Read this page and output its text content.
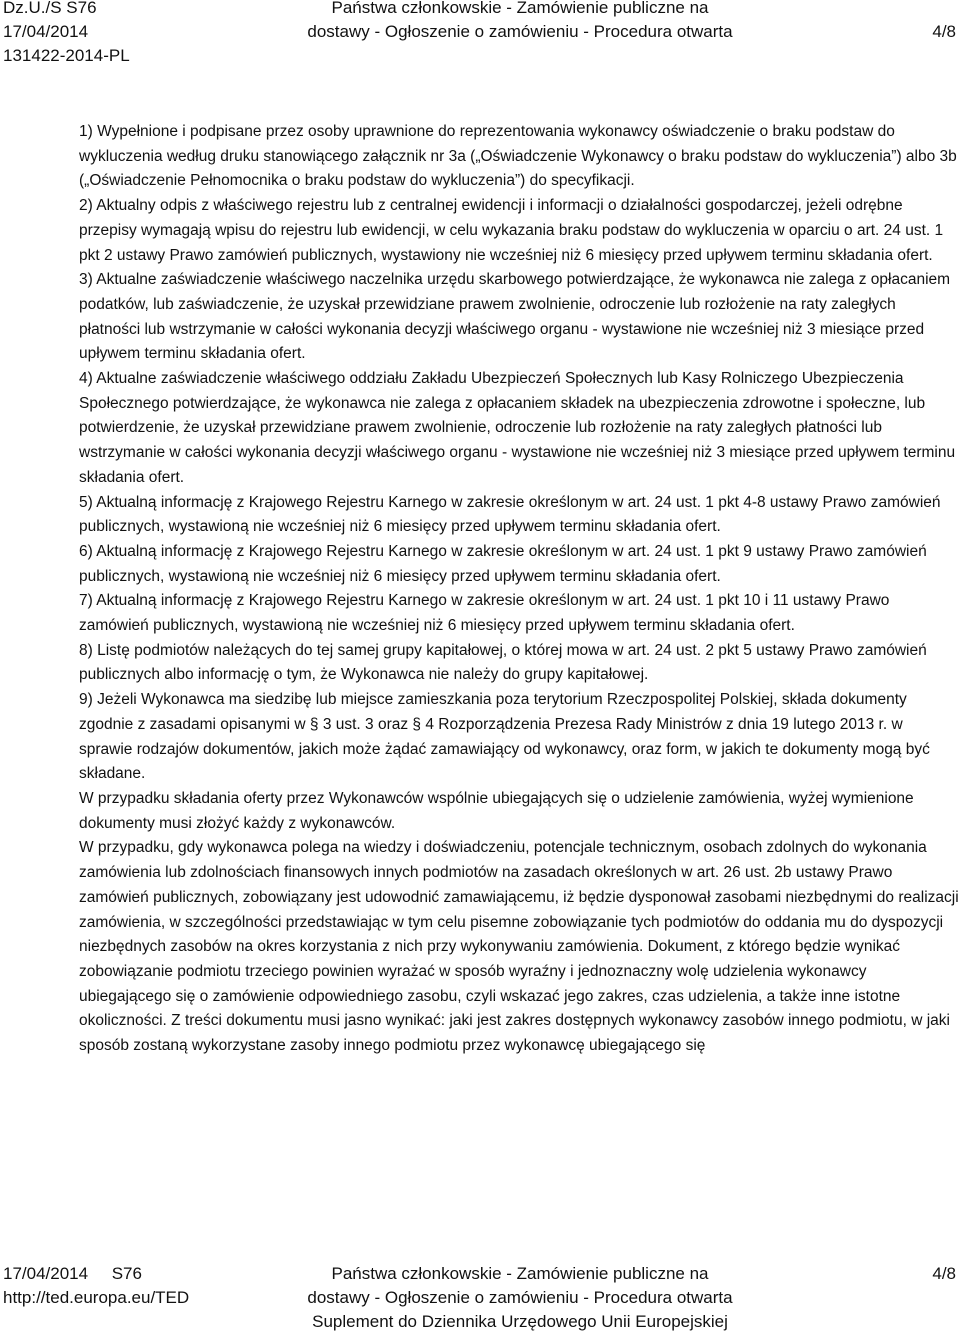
Dz.U./S S76
17/04/2014
131422-2014-PL
Państwa członkowskie - Zamówienie publiczne na
dostawy - Ogłoszenie o zamówieniu - Procedura otwarta	4/8

1) Wypełnione i podpisane przez osoby uprawnione do reprezentowania wykonawcy oświadczenie o braku podstaw do wykluczenia według druku stanowiącego załącznik nr 3a („Oświadczenie Wykonawcy o braku podstaw do wykluczenia”) albo 3b („Oświadczenie Pełnomocnika o braku podstaw do wykluczenia”) do specyfikacji.

2) Aktualny odpis z właściwego rejestru lub z centralnej ewidencji i informacji o działalności gospodarczej, jeżeli odrębne przepisy wymagają wpisu do rejestru lub ewidencji, w celu wykazania braku podstaw do wykluczenia w oparciu o art. 24 ust. 1 pkt 2 ustawy Prawo zamówień publicznych, wystawiony nie wcześniej niż 6 miesięcy przed upływem terminu składania ofert.

3) Aktualne zaświadczenie właściwego naczelnika urzędu skarbowego potwierdzające, że wykonawca nie zalega z opłacaniem podatków, lub zaświadczenie, że uzyskał przewidziane prawem zwolnienie, odroczenie lub rozłożenie na raty zaległych płatności lub wstrzymanie w całości wykonania decyzji właściwego organu - wystawione nie wcześniej niż 3 miesiące przed upływem terminu składania ofert.

4) Aktualne zaświadczenie właściwego oddziału Zakładu Ubezpieczeń Społecznych lub Kasy Rolniczego Ubezpieczenia Społecznego potwierdzające, że wykonawca nie zalega z opłacaniem składek na ubezpieczenia zdrowotne i społeczne, lub potwierdzenie, że uzyskał przewidziane prawem zwolnienie, odroczenie lub rozłożenie na raty zaległych płatności lub wstrzymanie w całości wykonania decyzji właściwego organu - wystawione nie wcześniej niż 3 miesiące przed upływem terminu składania ofert.

5) Aktualną informację z Krajowego Rejestru Karnego w zakresie określonym w art. 24 ust. 1 pkt 4-8 ustawy Prawo zamówień publicznych, wystawioną nie wcześniej niż 6 miesięcy przed upływem terminu składania ofert.

6) Aktualną informację z Krajowego Rejestru Karnego w zakresie określonym w art. 24 ust. 1 pkt 9 ustawy Prawo zamówień publicznych, wystawioną nie wcześniej niż 6 miesięcy przed upływem terminu składania ofert.

7) Aktualną informację z Krajowego Rejestru Karnego w zakresie określonym w art. 24 ust. 1 pkt 10 i 11 ustawy Prawo zamówień publicznych, wystawioną nie wcześniej niż 6 miesięcy przed upływem terminu składania ofert.

8) Listę podmiotów należących do tej samej grupy kapitałowej, o której mowa w art. 24 ust. 2 pkt 5 ustawy Prawo zamówień publicznych albo informację o tym, że Wykonawca nie należy do grupy kapitałowej.

9) Jeżeli Wykonawca ma siedzibę lub miejsce zamieszkania poza terytorium Rzeczpospolitej Polskiej, składa dokumenty zgodnie z zasadami opisanymi w § 3 ust. 3 oraz § 4 Rozporządzenia Prezesa Rady Ministrów z dnia 19 lutego 2013 r. w sprawie rodzajów dokumentów, jakich może żądać zamawiający od wykonawcy, oraz form, w jakich te dokumenty mogą być składane.

W przypadku składania oferty przez Wykonawców wspólnie ubiegających się o udzielenie zamówienia, wyżej wymienione dokumenty musi złożyć każdy z wykonawców.

W przypadku, gdy wykonawca polega na wiedzy i doświadczeniu, potencjale technicznym, osobach zdolnych do wykonania zamówienia lub zdolnościach finansowych innych podmiotów na zasadach określonych w art. 26 ust. 2b ustawy Prawo zamówień publicznych, zobowiązany jest udowodnić zamawiającemu, iż będzie dysponował zasobami niezbędnymi do realizacji zamówienia, w szczególności przedstawiając w tym celu pisemne zobowiązanie tych podmiotów do oddania mu do dyspozycji niezbędnych zasobów na okres korzystania z nich przy wykonywaniu zamówienia. Dokument, z którego będzie wynikać zobowiązanie podmiotu trzeciego powinien wyrażać w sposób wyraźny i jednoznaczny wolę udzielenia wykonawcy ubiegającego się o zamówienie odpowiedniego zasobu, czyli wskazać jego zakres, czas udzielenia, a także inne istotne okoliczności. Z treści dokumentu musi jasno wynikać: jaki jest zakres dostępnych wykonawcy zasobów innego podmiotu, w jaki sposób zostaną wykorzystane zasoby innego podmiotu przez wykonawcę ubiegającego się

17/04/2014 S76
http://ted.europa.eu/TED
Państwa członkowskie - Zamówienie publiczne na
dostawy - Ogłoszenie o zamówieniu - Procedura otwarta
Suplement do Dziennika Urzędowego Unii Europejskiej
4/8
